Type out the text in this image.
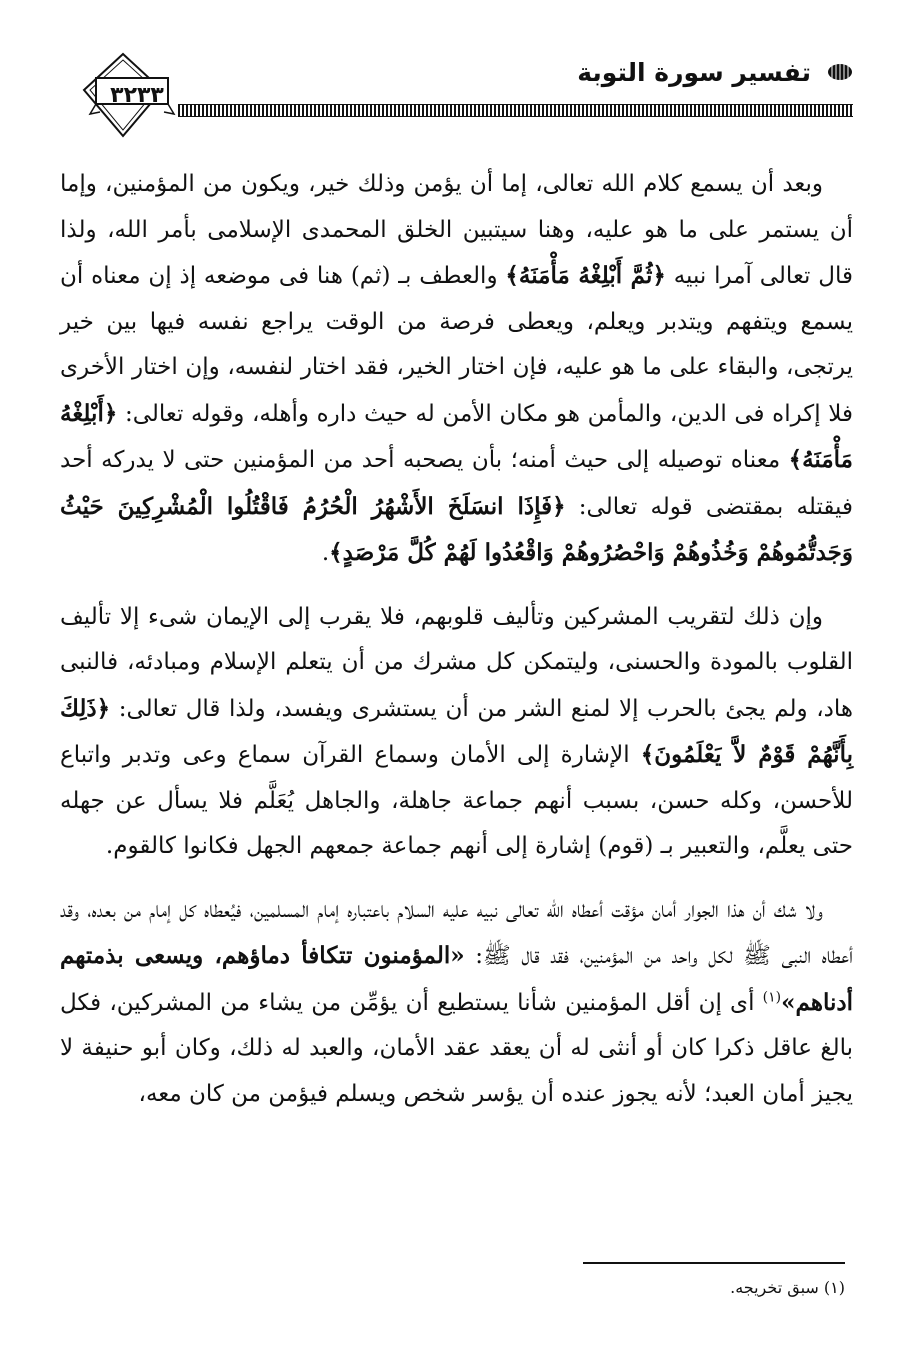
تفسير سورة التوبة
٣٢٣٣

وبعد أن يسمع كلام الله تعالى، إما أن يؤمن وذلك خير، ويكون من المؤمنين، وإما أن يستمر على ما هو عليه، وهنا سيتبين الخلق المحمدى الإسلامى بأمر الله، ولذا قال تعالى آمرا نبيه ﴿ثُمَّ أَبْلِغْهُ مَأْمَنَهُ﴾ والعطف بـ (ثم) هنا فى موضعه إذ إن معناه أن يسمع ويتفهم ويتدبر ويعلم، ويعطى فرصة من الوقت يراجع نفسه فيها بين خير يرتجى، والبقاء على ما هو عليه، فإن اختار الخير، فقد اختار لنفسه، وإن اختار الأخرى فلا إكراه فى الدين، والمأمن هو مكان الأمن له حيث داره وأهله، وقوله تعالى: ﴿أَبْلِغْهُ مَأْمَنَهُ﴾ معناه توصيله إلى حيث أمنه؛ بأن يصحبه أحد من المؤمنين حتى لا يدركه أحد فيقتله بمقتضى قوله تعالى: ﴿فَإِذَا انسَلَخَ الأَشْهُرُ الْحُرُمُ فَاقْتُلُوا الْمُشْرِكِينَ حَيْثُ وَجَدتُّمُوهُمْ وَخُذُوهُمْ وَاحْصُرُوهُمْ وَاقْعُدُوا لَهُمْ كُلَّ مَرْصَدٍ﴾.

وإن ذلك لتقريب المشركين وتأليف قلوبهم، فلا يقرب إلى الإيمان شىء إلا تأليف القلوب بالمودة والحسنى، وليتمكن كل مشرك من أن يتعلم الإسلام ومبادئه، فالنبى هاد، ولم يجئ بالحرب إلا لمنع الشر من أن يستشرى ويفسد، ولذا قال تعالى: ﴿ذَلِكَ بِأَنَّهُمْ قَوْمٌ لاَّ يَعْلَمُونَ﴾ الإشارة إلى الأمان وسماع القرآن سماع وعى وتدبر واتباع للأحسن، وكله حسن، بسبب أنهم جماعة جاهلة، والجاهل يُعَلَّم فلا يسأل عن جهله حتى يعلَّم، والتعبير بـ (قوم) إشارة إلى أنهم جماعة جمعهم الجهل فكانوا كالقوم.

ولا شك أن هذا الجوار أمان مؤقت أعطاه الله تعالى نبيه عليه السلام باعتباره إمام المسلمين، فيُعطاه كل إمام من بعده، وقد أعطاه النبى ﷺ لكل واحد من المؤمنين، فقد قال ﷺ: «المؤمنون تتكافأ دماؤهم، ويسعى بذمتهم أدناهم»$^{(١)}$ أى إن أقل المؤمنين شأنا يستطيع أن يؤمِّن من يشاء من المشركين، فكل بالغ عاقل ذكرا كان أو أنثى له أن يعقد عقد الأمان، والعبد له ذلك، وكان أبو حنيفة لا يجيز أمان العبد؛ لأنه يجوز عنده أن يؤسر شخص ويسلم فيؤمن من كان معه،

(١) سبق تخريجه.
